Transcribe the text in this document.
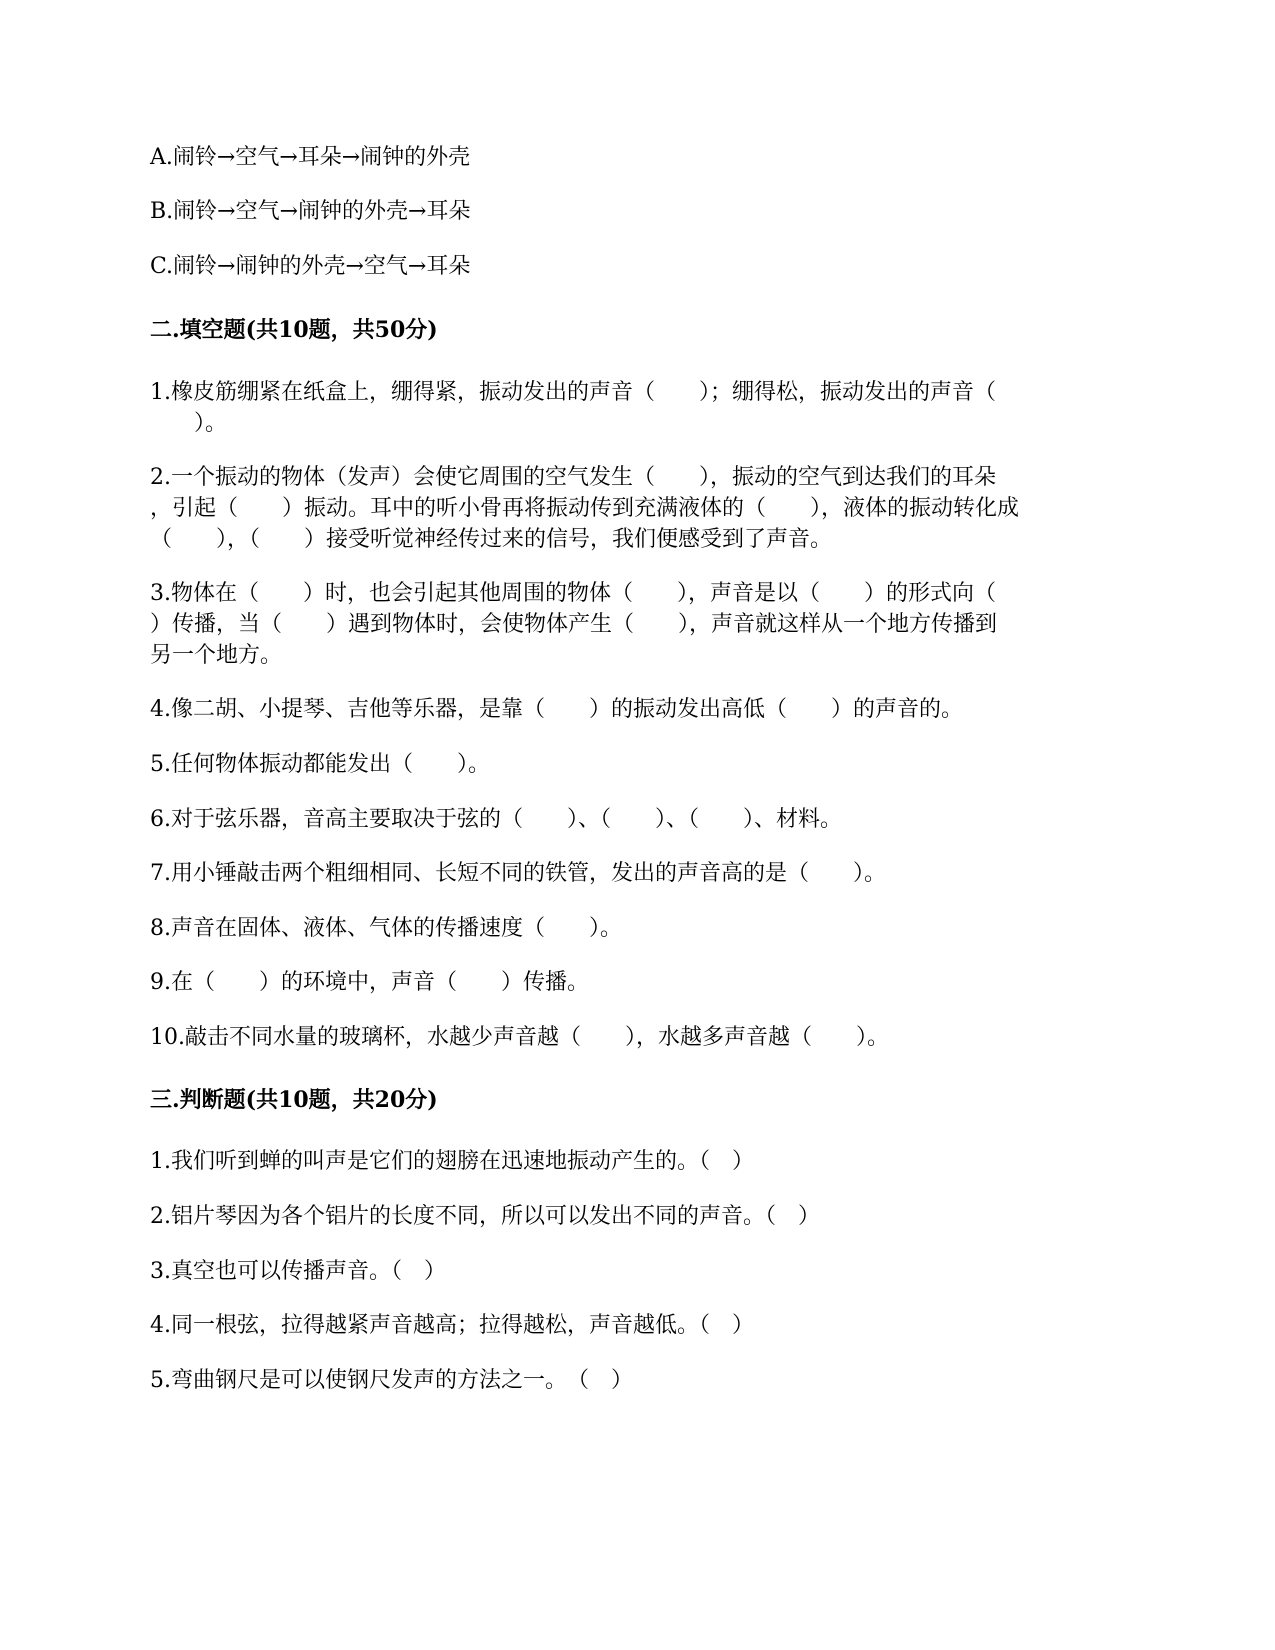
A.闹铃→空气→耳朵→闹钟的外壳
B.闹铃→空气→闹钟的外壳→耳朵
C.闹铃→闹钟的外壳→空气→耳朵
二.填空题(共10题，共50分)
1.橡皮筋绷紧在纸盒上，绷得紧，振动发出的声音（　　）；绷得松，振动发出的声音（
　　）。
2.一个振动的物体（发声）会使它周围的空气发生（　　），振动的空气到达我们的耳朵
，引起（　　）振动。耳中的听小骨再将振动传到充满液体的（　　），液体的振动转化成
（　　），（　　）接受听觉神经传过来的信号，我们便感受到了声音。
3.物体在（　　）时，也会引起其他周围的物体（　　），声音是以（　　）的形式向（
）传播，当（　　）遇到物体时，会使物体产生（　　），声音就这样从一个地方传播到
另一个地方。
4.像二胡、小提琴、吉他等乐器，是靠（　　）的振动发出高低（　　）的声音的。
5.任何物体振动都能发出（　　）。
6.对于弦乐器，音高主要取决于弦的（　　）、（　　）、（　　）、材料。
7.用小锤敲击两个粗细相同、长短不同的铁管，发出的声音高的是（　　）。
8.声音在固体、液体、气体的传播速度（　　）。
9.在（　　）的环境中，声音（　　）传播。
10.敲击不同水量的玻璃杯，水越少声音越（　　），水越多声音越（　　）。
三.判断题(共10题，共20分)
1.我们听到蝉的叫声是它们的翅膀在迅速地振动产生的。（　）
2.铝片琴因为各个铝片的长度不同，所以可以发出不同的声音。（　）
3.真空也可以传播声音。（　）
4.同一根弦，拉得越紧声音越高；拉得越松，声音越低。（　）
5.弯曲钢尺是可以使钢尺发声的方法之一。　（　）
